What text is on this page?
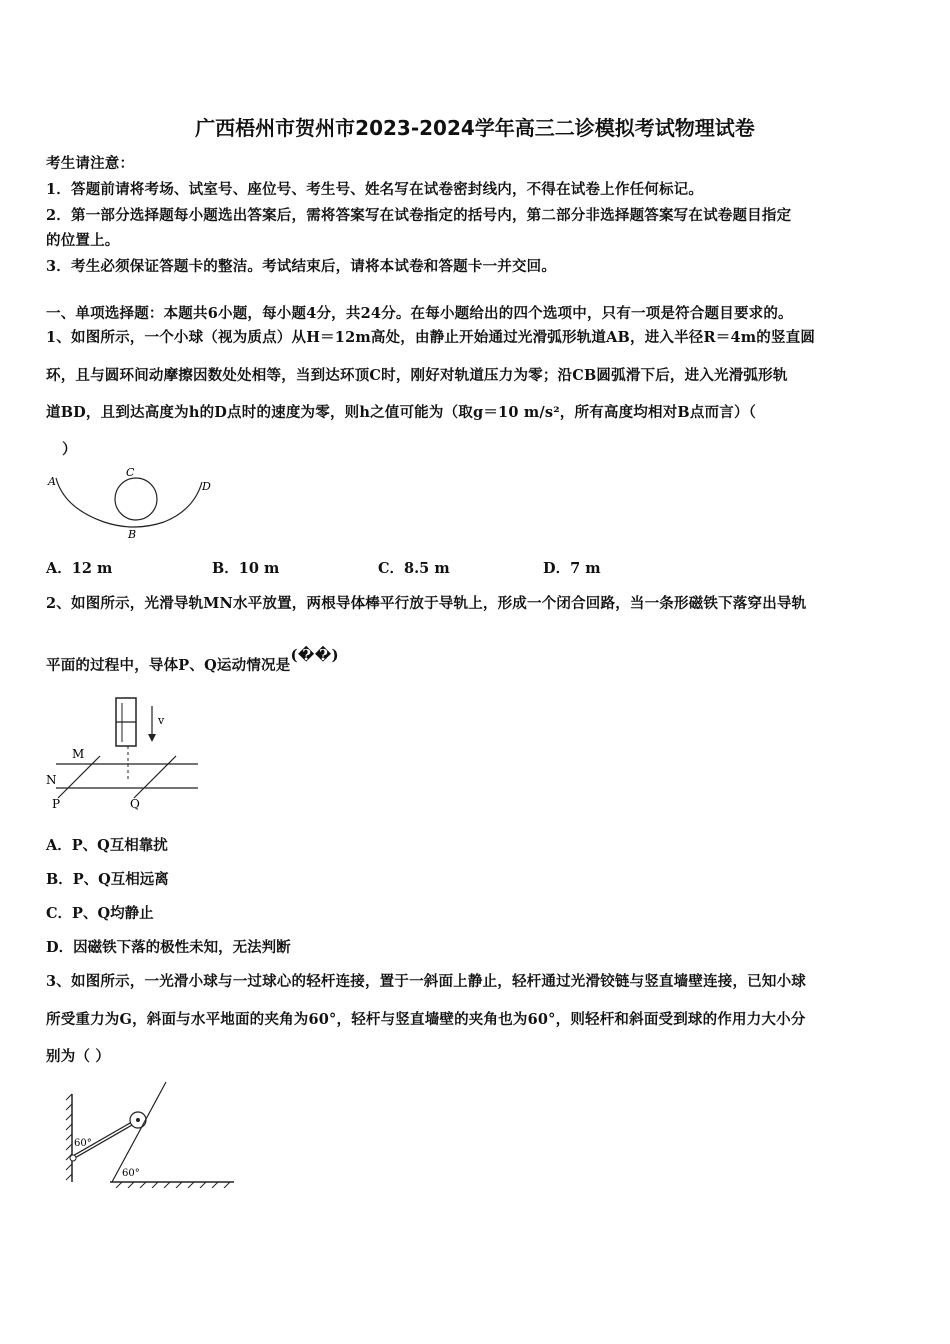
广西梧州市贺州市2023-2024学年高三二诊模拟考试物理试卷
考生请注意：
1．答题前请将考场、试室号、座位号、考生号、姓名写在试卷密封线内，不得在试卷上作任何标记。
2．第一部分选择题每小题选出答案后，需将答案写在试卷指定的括号内，第二部分非选择题答案写在试卷题目指定
的位置上。
3．考生必须保证答题卡的整洁。考试结束后，请将本试卷和答题卡一并交回。
一、单项选择题：本题共6小题，每小题4分，共24分。在每小题给出的四个选项中，只有一项是符合题目要求的。
1、如图所示，一个小球（视为质点）从H＝12m高处，由静止开始通过光滑弧形轨道AB，进入半径R＝4m的竖直圆
环，且与圆环间动摩擦因数处处相等，当到达环顶C时，刚好对轨道压力为零；沿CB圆弧滑下后，进入光滑弧形轨
道BD，且到达高度为h的D点时的速度为零，则h之值可能为（取g＝10 m/s²，所有高度均相对B点而言）（
）
A
C
D
B
A．12 m	B．10 m	C．8.5 m	D．7 m
2、如图所示，光滑导轨MN水平放置，两根导体棒平行放于导轨上，形成一个闭合回路，当一条形磁铁下落穿出导轨
平面的过程中，导体P、Q运动情况是(��)
v
M
N
P	Q
A．P、Q互相靠扰
B．P、Q互相远离
C．P、Q均静止
D．因磁铁下落的极性未知，无法判断
3、如图所示，一光滑小球与一过球心的轻杆连接，置于一斜面上静止，轻杆通过光滑铰链与竖直墙壁连接，已知小球
所受重力为G，斜面与水平地面的夹角为60°，轻杆与竖直墙壁的夹角也为60°，则轻杆和斜面受到球的作用力大小分
别为（ ）
60°
60°
